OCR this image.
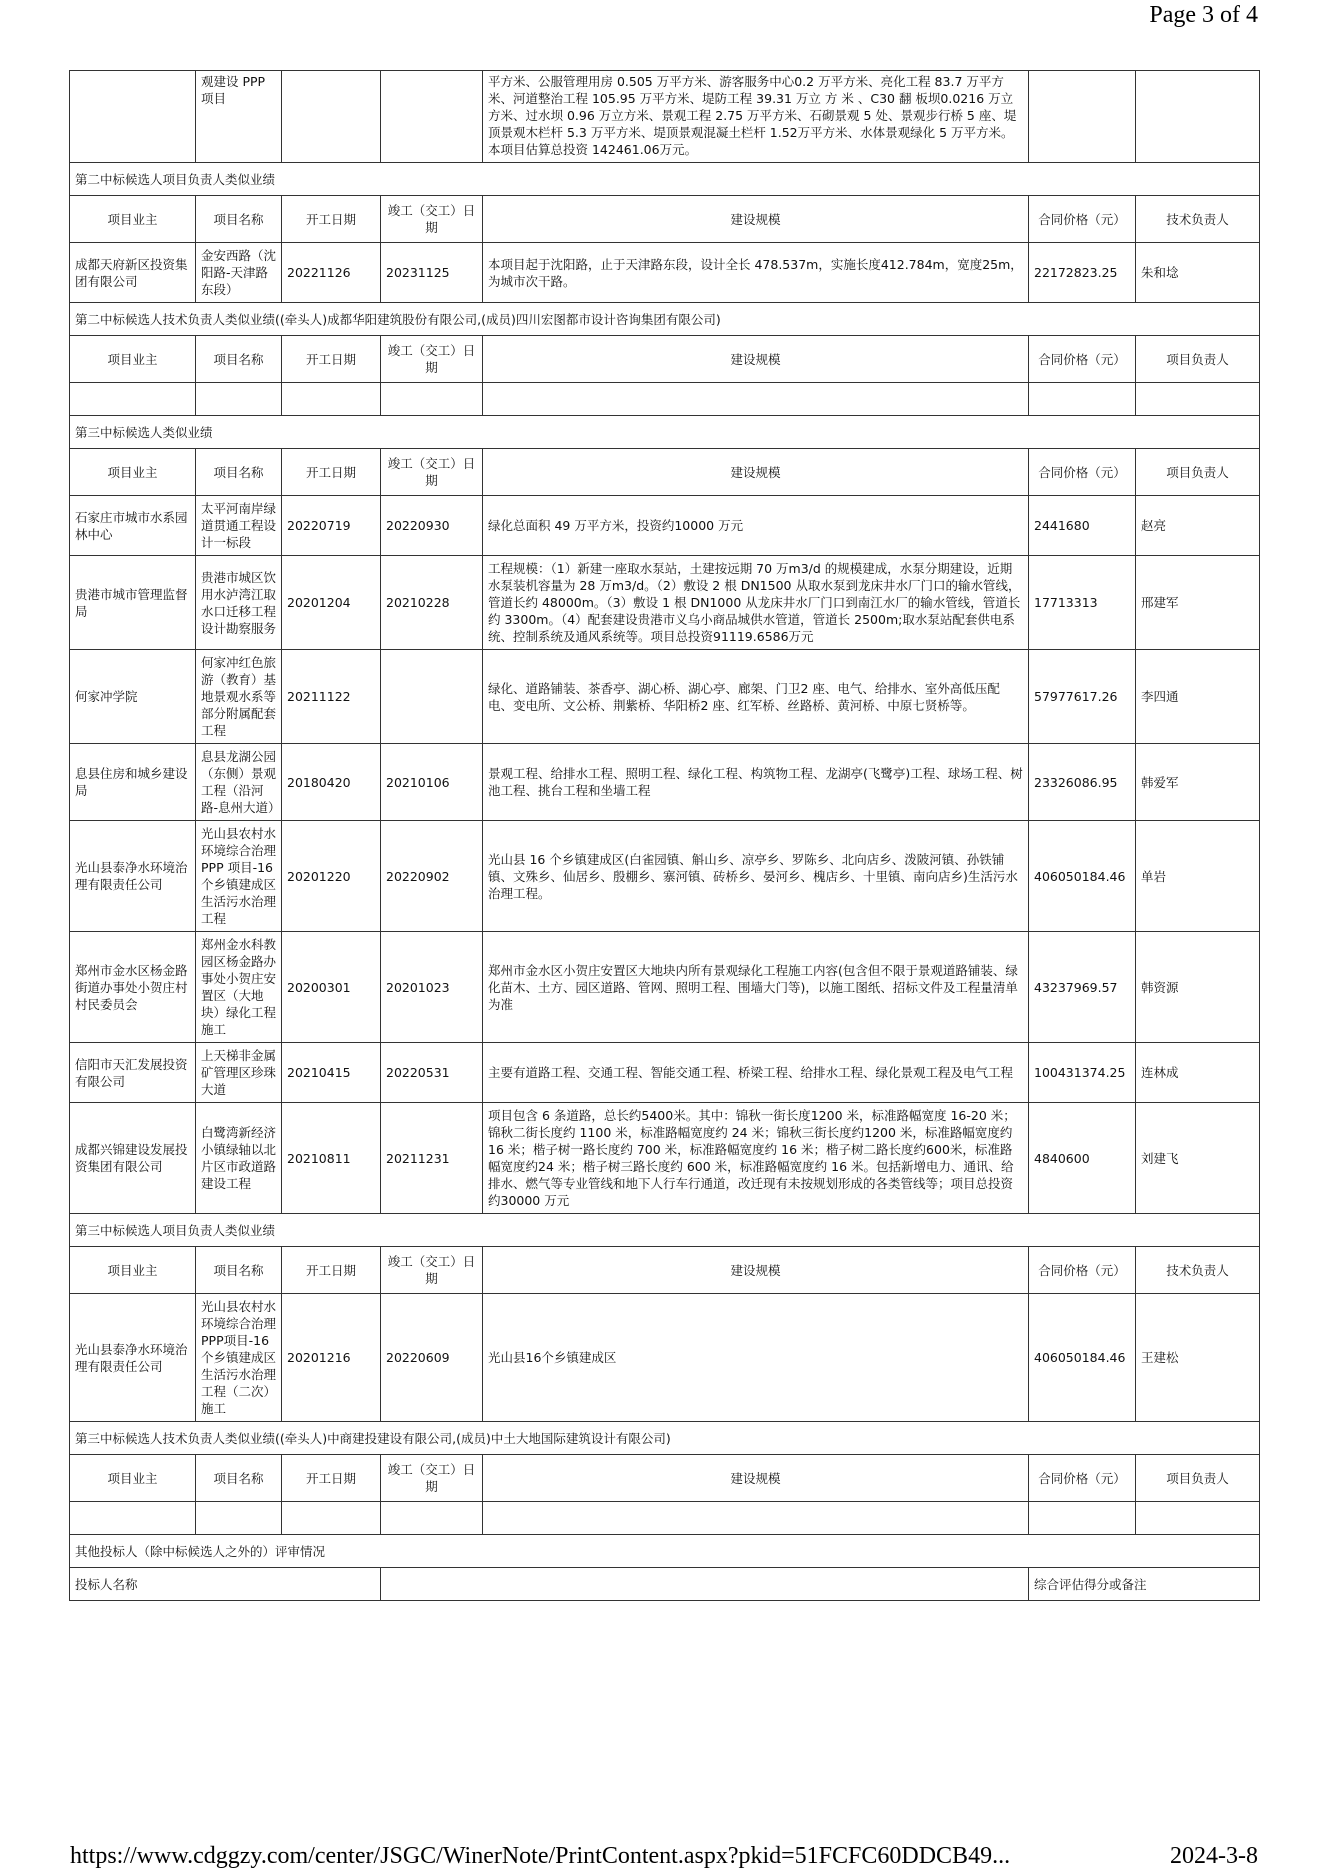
Page 3 of 4
	观建设 PPP 项目			平方米、公服管理用房 0.505 万平方米、游客服务中心0.2 万平方米、亮化工程 83.7 万平方米、河道整治工程 105.95 万平方米、堤防工程 39.31 万立 方 米 、C30 翻 板坝0.0216 万立方米、过水坝 0.96 万立方米、景观工程 2.75 万平方米、石砌景观 5 处、景观步行桥 5 座、堤顶景观木栏杆 5.3 万平方米、堤顶景观混凝土栏杆 1.52万平方米、水体景观绿化 5 万平方米。本项目估算总投资 142461.06万元。		
第二中标候选人项目负责人类似业绩						
项目业主	项目名称	开工日期	竣工（交工）日期	建设规模	合同价格（元）	技术负责人
成都天府新区投资集团有限公司	金安西路（沈阳路-天津路东段）	20221126	20231125	本项目起于沈阳路，止于天津路东段，设计全长 478.537m，实施长度412.784m，宽度25m，为城市次干路。	22172823.25	朱和埝
第二中标候选人技术负责人类似业绩((牵头人)成都华阳建筑股份有限公司,(成员)四川宏图都市设计咨询集团有限公司)						
项目业主	项目名称	开工日期	竣工（交工）日期	建设规模	合同价格（元）	项目负责人

第三中标候选人类似业绩						
项目业主	项目名称	开工日期	竣工（交工）日期	建设规模	合同价格（元）	项目负责人
石家庄市城市水系园林中心	太平河南岸绿道贯通工程设计一标段	20220719	20220930	绿化总面积 49 万平方米，投资约10000 万元	2441680	赵亮
贵港市城市管理监督局	贵港市城区饮用水泸湾江取水口迁移工程设计勘察服务	20201204	20210228	工程规模：（1）新建一座取水泵站，土建按远期 70 万m3/d 的规模建成，水泵分期建设，近期水泵装机容量为 28 万m3/d。（2）敷设 2 根 DN1500 从取水泵到龙床井水厂门口的输水管线，管道长约 48000m。（3）敷设 1 根 DN1000 从龙床井水厂门口到南江水厂的输水管线，管道长约 3300m。（4）配套建设贵港市义乌小商品城供水管道，管道长 2500m;取水泵站配套供电系统、控制系统及通风系统等。项目总投资91119.6586万元	17713313	邢建军
何家冲学院	何家冲红色旅游（教育）基地景观水系等部分附属配套工程	20211122		绿化、道路铺装、茶香亭、湖心桥、湖心亭、廊架、门卫2 座、电气、给排水、室外高低压配电、变电所、文公桥、荆紫桥、华阳桥2 座、红军桥、丝路桥、黄河桥、中原七贤桥等。	57977617.26	李四通
息县住房和城乡建设局	息县龙湖公园（东侧）景观工程（沿河路-息州大道）	20180420	20210106	景观工程、给排水工程、照明工程、绿化工程、构筑物工程、龙湖亭(飞鹭亭)工程、球场工程、树池工程、挑台工程和坐墙工程	23326086.95	韩爱军
光山县泰净水环境治理有限责任公司	光山县农村水环境综合治理 PPP 项目-16个乡镇建成区生活污水治理工程	20201220	20220902	光山县 16 个乡镇建成区(白雀园镇、斛山乡、凉亭乡、罗陈乡、北向店乡、泼陂河镇、孙铁铺镇、文殊乡、仙居乡、殷棚乡、寨河镇、砖桥乡、晏河乡、槐店乡、十里镇、南向店乡)生活污水治理工程。	406050184.46	单岩
郑州市金水区杨金路街道办事处小贺庄村村民委员会	郑州金水科教园区杨金路办事处小贺庄安置区（大地块）绿化工程施工	20200301	20201023	郑州市金水区小贺庄安置区大地块内所有景观绿化工程施工内容(包含但不限于景观道路铺装、绿化苗木、土方、园区道路、管网、照明工程、围墙大门等)，以施工图纸、招标文件及工程量清单为准	43237969.57	韩资源
信阳市天汇发展投资有限公司	上天梯非金属矿管理区珍珠大道	20210415	20220531	主要有道路工程、交通工程、智能交通工程、桥梁工程、给排水工程、绿化景观工程及电气工程	100431374.25	连林成
成都兴锦建设发展投资集团有限公司	白鹭湾新经济小镇绿轴以北片区市政道路建设工程	20210811	20211231	项目包含 6 条道路，总长约5400米。其中：锦秋一街长度1200 米，标准路幅宽度 16-20 米；锦秋二街长度约 1100 米，标准路幅宽度约 24 米；锦秋三街长度约1200 米，标准路幅宽度约 16 米；楷子树一路长度约 700 米，标准路幅宽度约 16 米；楷子树二路长度约600米，标准路幅宽度约24 米；楷子树三路长度约 600 米，标准路幅宽度约 16 米。包括新增电力、通讯、给排水、燃气等专业管线和地下人行车行通道，改迁现有未按规划形成的各类管线等；项目总投资约30000 万元	4840600	刘建飞
第三中标候选人项目负责人类似业绩						
项目业主	项目名称	开工日期	竣工（交工）日期	建设规模	合同价格（元）	技术负责人
光山县泰净水环境治理有限责任公司	光山县农村水环境综合治理PPP项目-16个乡镇建成区生活污水治理工程（二次）施工	20201216	20220609	光山县16个乡镇建成区	406050184.46	王建松
第三中标候选人技术负责人类似业绩((牵头人)中商建投建设有限公司,(成员)中土大地国际建筑设计有限公司)						
项目业主	项目名称	开工日期	竣工（交工）日期	建设规模	合同价格（元）	项目负责人

其他投标人（除中标候选人之外的）评审情况						
投标人名称					综合评估得分或备注	
https://www.cdggzy.com/center/JSGC/WinerNote/PrintContent.aspx?pkid=51FCFC60DDCB49...	2024-3-8
